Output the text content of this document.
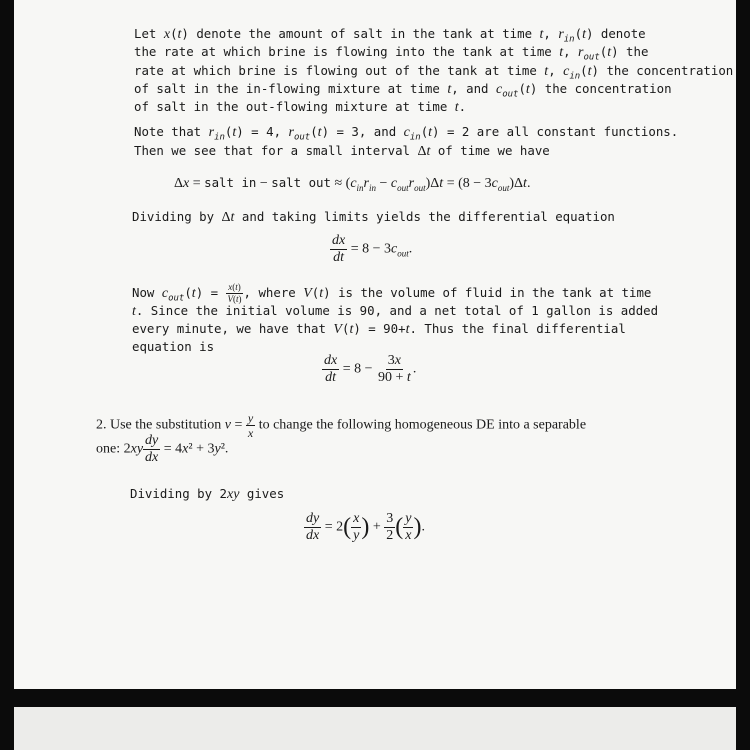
Let x(t) denote the amount of salt in the tank at time t, $r_{in}(t)$ denote
the rate at which brine is flowing into the tank at time t, $r_{out}(t)$ the
rate at which brine is flowing out of the tank at time t, $c_{in}(t)$ the concentration
of salt in the in-flowing mixture at time t, and $c_{out}(t)$ the concentration
of salt in the out-flowing mixture at time t.
Note that $r_{in}(t) = 4$, $r_{out}(t) = 3$, and $c_{in}(t) = 2$ are all constant functions.
Then we see that for a small interval Δt of time we have
Δx = salt in − salt out ≈ $(c_{in}r_{in} - c_{out}r_{out})\Delta t = (8 - 3c_{out})\Delta t$.
Dividing by Δt and taking limits yields the differential equation
$\frac{dx}{dt} = 8 - 3c_{out}$.
Now $c_{out}(t) = \frac{x(t)}{V(t)}$ , where V(t) is the volume of fluid in the tank at time
t. Since the initial volume is 90, and a net total of 1 gallon is added
every minute, we have that V(t) = 90+t. Thus the final differential
equation is
$\frac{dx}{dt} = 8 - \frac{3x}{90 + t}$ .
2. Use the substitution $v = \frac{y}{x}$ to change the following homogeneous DE into a separable
one: $2xy \frac{dy}{dx} = 4x^2 + 3y^2$.
Dividing by 2xy gives
$\frac{dy}{dx} = 2( \frac{x}{y}$ ) + $\frac{3}{2}$ ( $\frac{y}{x}$ ).
